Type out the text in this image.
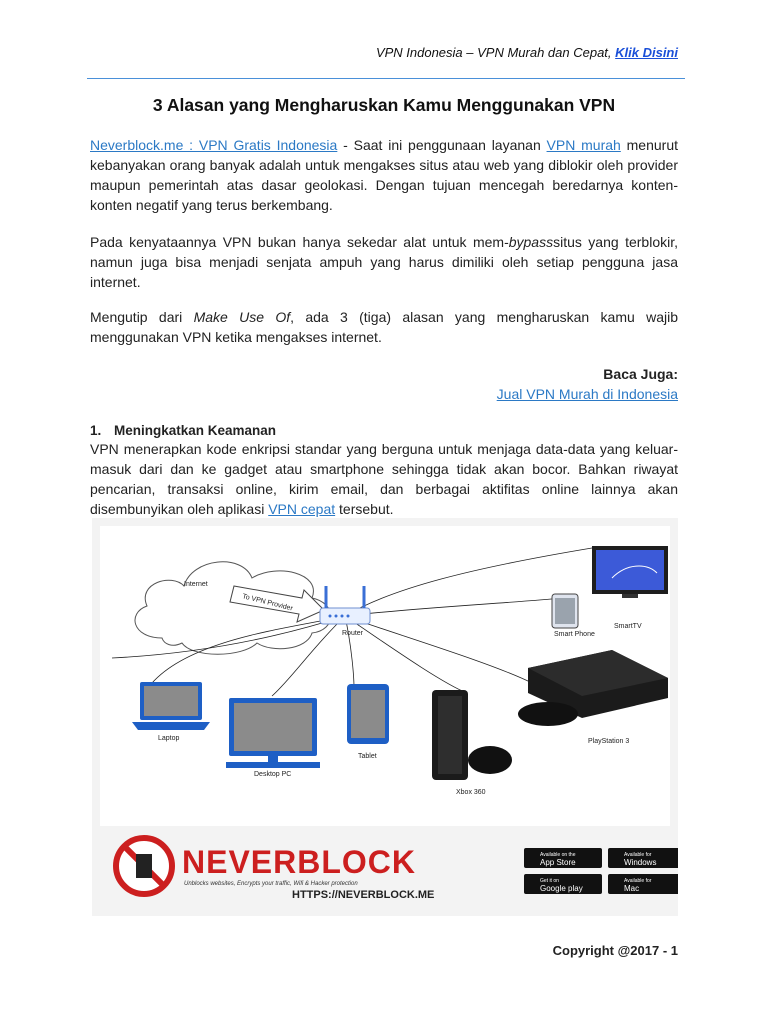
VPN Indonesia – VPN Murah dan Cepat, Klik Disini
3 Alasan yang Mengharuskan Kamu Menggunakan VPN
Neverblock.me : VPN Gratis Indonesia - Saat ini penggunaan layanan VPN murah menurut kebanyakan orang banyak adalah untuk mengakses situs atau web yang diblokir oleh provider maupun pemerintah atas dasar geolokasi. Dengan tujuan mencegah beredarnya konten-konten negatif yang terus berkembang.
Pada kenyataannya VPN bukan hanya sekedar alat untuk mem-bypasssitus yang terblokir, namun juga bisa menjadi senjata ampuh yang harus dimiliki oleh setiap pengguna jasa internet.
Mengutip dari Make Use Of, ada 3 (tiga) alasan yang mengharuskan kamu wajib menggunakan VPN ketika mengakses internet.
Baca Juga:
Jual VPN Murah di Indonesia
1. Meningkatkan Keamanan
VPN menerapkan kode enkripsi standar yang berguna untuk menjaga data-data yang keluar-masuk dari dan ke gadget atau smartphone sehingga tidak akan bocor. Bahkan riwayat pencarian, transaksi online, kirim email, dan berbagai aktifitas online lainnya akan disembunyikan oleh aplikasi VPN cepat tersebut.
Internet
To VPN Provider
Router	Smart Phone
SmartTV
Laptop
Desktop PC
Tablet
Xbox 360
PlayStation 3
NEVERBLOCK
Unblocks websites, Encrypts your traffic, Wifi & Hacker protection
HTTPS://NEVERBLOCK.ME
Available on the
App Store
Available for
Windows
Get it on
Google play
Available for
Mac
Copyright @2017 - 1
